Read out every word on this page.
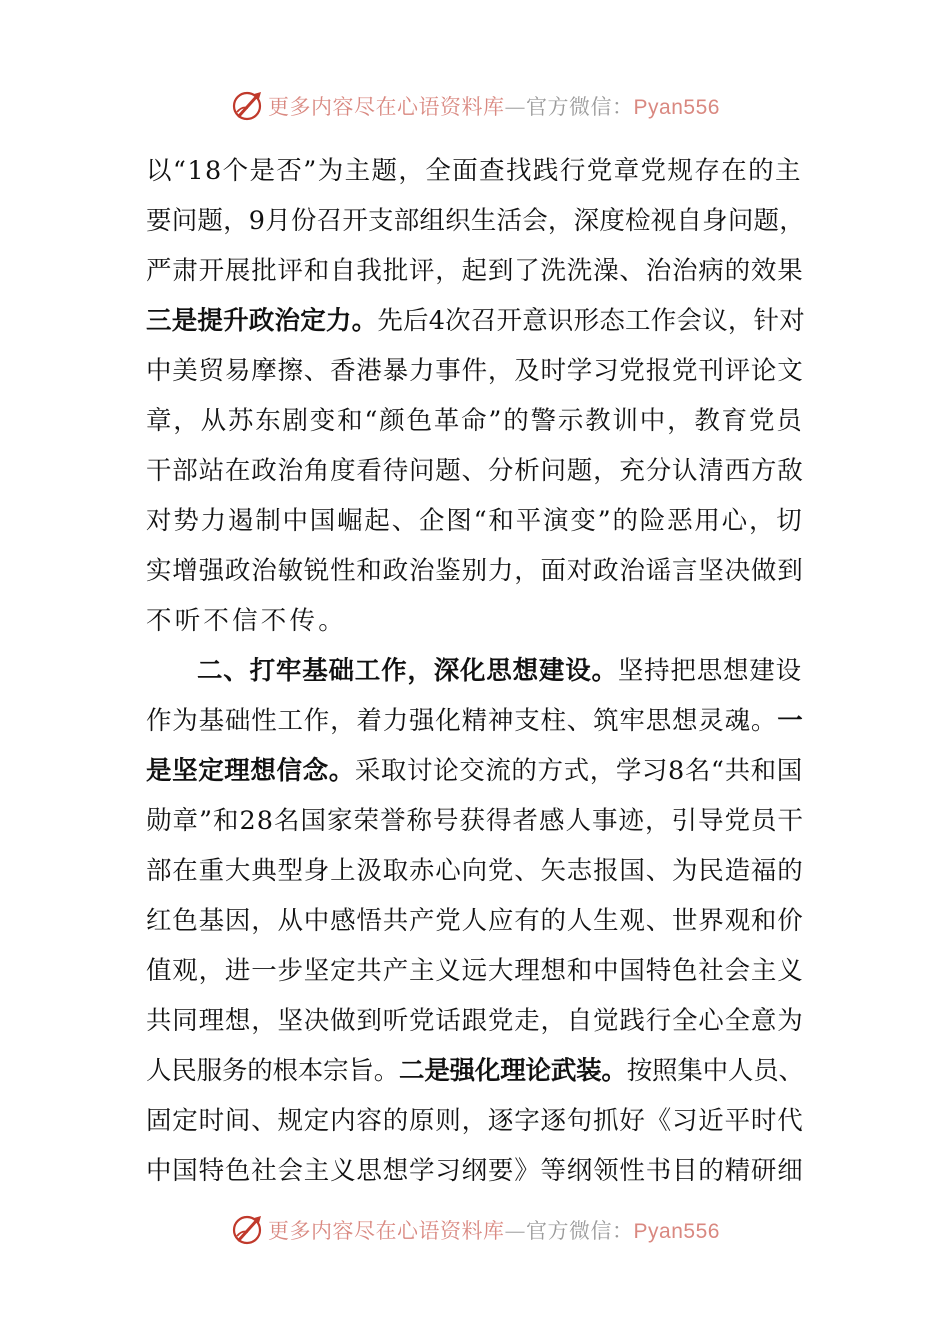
更多内容尽在心语资料库—官方微信：Pyan556
以“18个是否”为主题，全面查找践行党章党规存在的主
要问题，9月份召开支部组织生活会，深度检视自身问题，
严肃开展批评和自我批评，起到了洗洗澡、治治病的效果
三是提升政治定力。先后4次召开意识形态工作会议，针对
中美贸易摩擦、香港暴力事件，及时学习党报党刊评论文
章，从苏东剧变和“颜色革命”的警示教训中，教育党员
干部站在政治角度看待问题、分析问题，充分认清西方敌
对势力遏制中国崛起、企图“和平演变”的险恶用心，切
实增强政治敏锐性和政治鉴别力，面对政治谣言坚决做到
不听不信不传。
二、打牢基础工作，深化思想建设。坚持把思想建设
作为基础性工作，着力强化精神支柱、筑牢思想灵魂。一
是坚定理想信念。采取讨论交流的方式，学习8名“共和国
勋章”和28名国家荣誉称号获得者感人事迹，引导党员干
部在重大典型身上汲取赤心向党、矢志报国、为民造福的
红色基因，从中感悟共产党人应有的人生观、世界观和价
值观，进一步坚定共产主义远大理想和中国特色社会主义
共同理想，坚决做到听党话跟党走，自觉践行全心全意为
人民服务的根本宗旨。二是强化理论武装。按照集中人员、
固定时间、规定内容的原则，逐字逐句抓好《习近平时代
中国特色社会主义思想学习纲要》等纲领性书目的精研细
更多内容尽在心语资料库—官方微信：Pyan556
